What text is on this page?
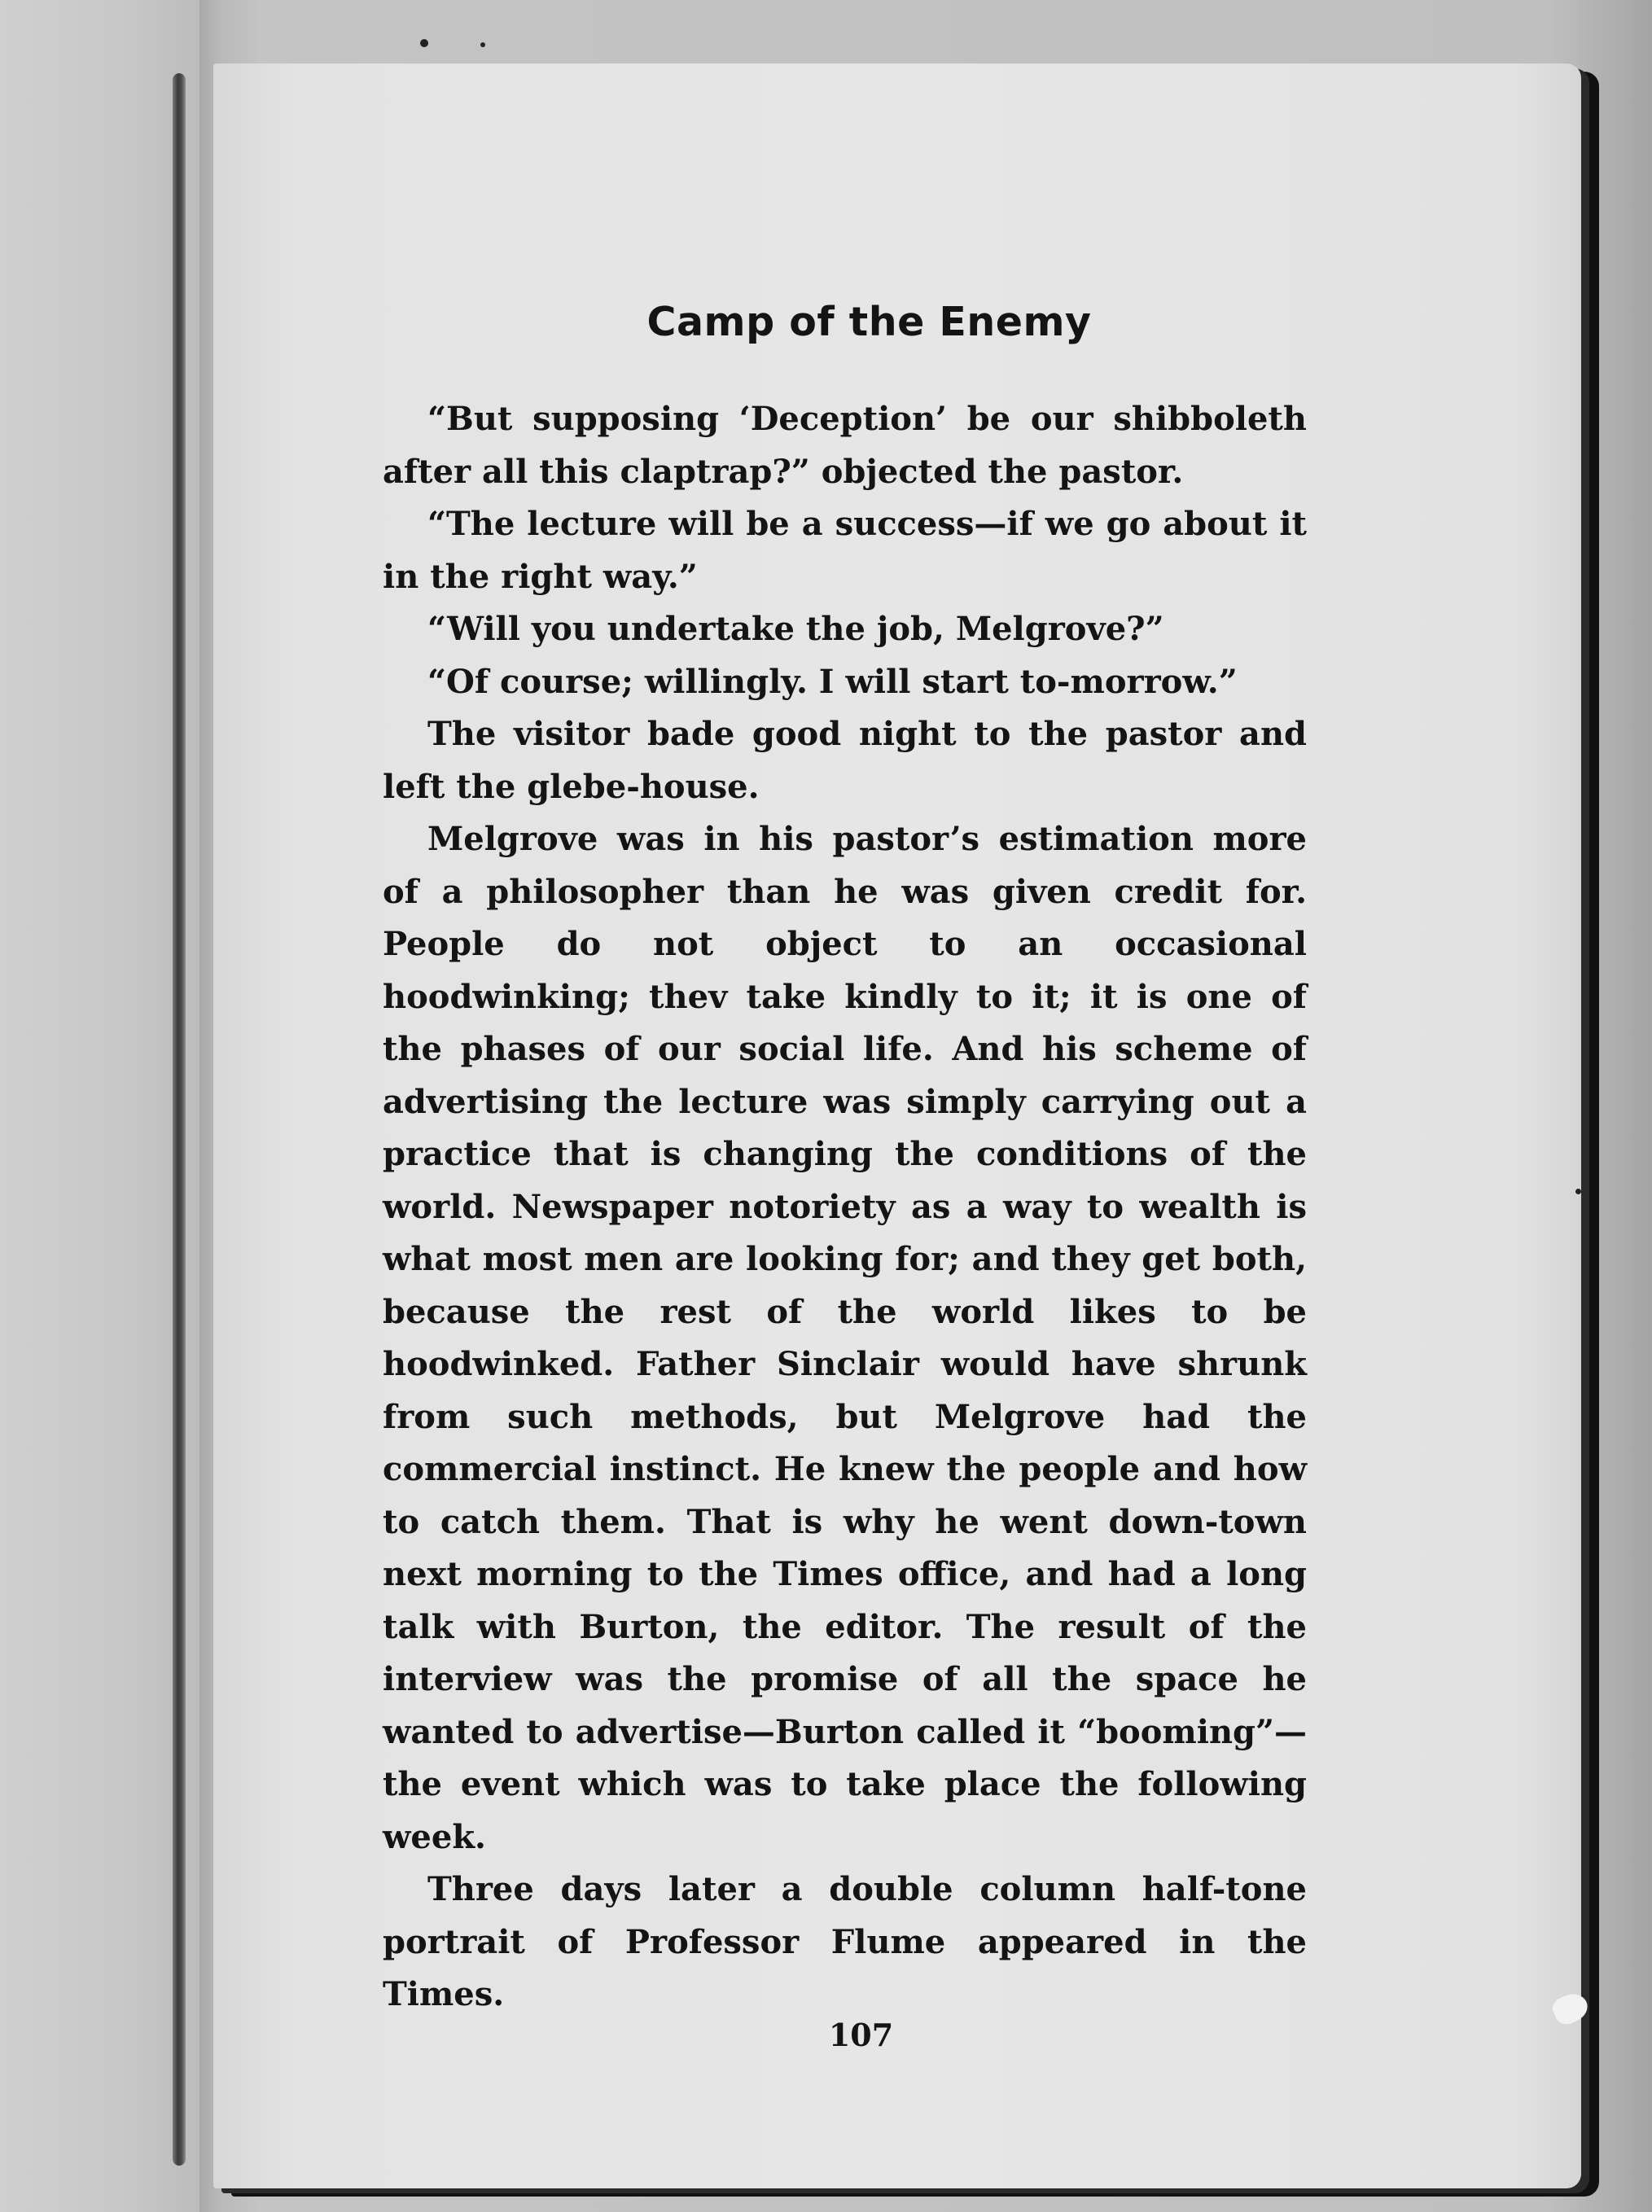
Camp of the Enemy

“But supposing ‘Deception’ be our shibboleth after all this claptrap?” objected the pastor.

“The lecture will be a success—if we go about it in the right way.”

“Will you undertake the job, Melgrove?”

“Of course; willingly. I will start to-morrow.”

The visitor bade good night to the pastor and left the glebe-house.

Melgrove was in his pastor’s estimation more of a philosopher than he was given credit for. People do not object to an occasional hoodwinking; thev take kindly to it; it is one of the phases of our social life. And his scheme of advertising the lecture was simply carrying out a practice that is changing the conditions of the world. Newspaper notoriety as a way to wealth is what most men are looking for; and they get both, because the rest of the world likes to be hoodwinked. Father Sinclair would have shrunk from such methods, but Melgrove had the commercial instinct. He knew the people and how to catch them. That is why he went down-town next morning to the Times office, and had a long talk with Burton, the editor. The result of the interview was the promise of all the space he wanted to advertise—Burton called it “booming”—the event which was to take place the following week.

Three days later a double column half-tone portrait of Professor Flume appeared in the Times.

107
